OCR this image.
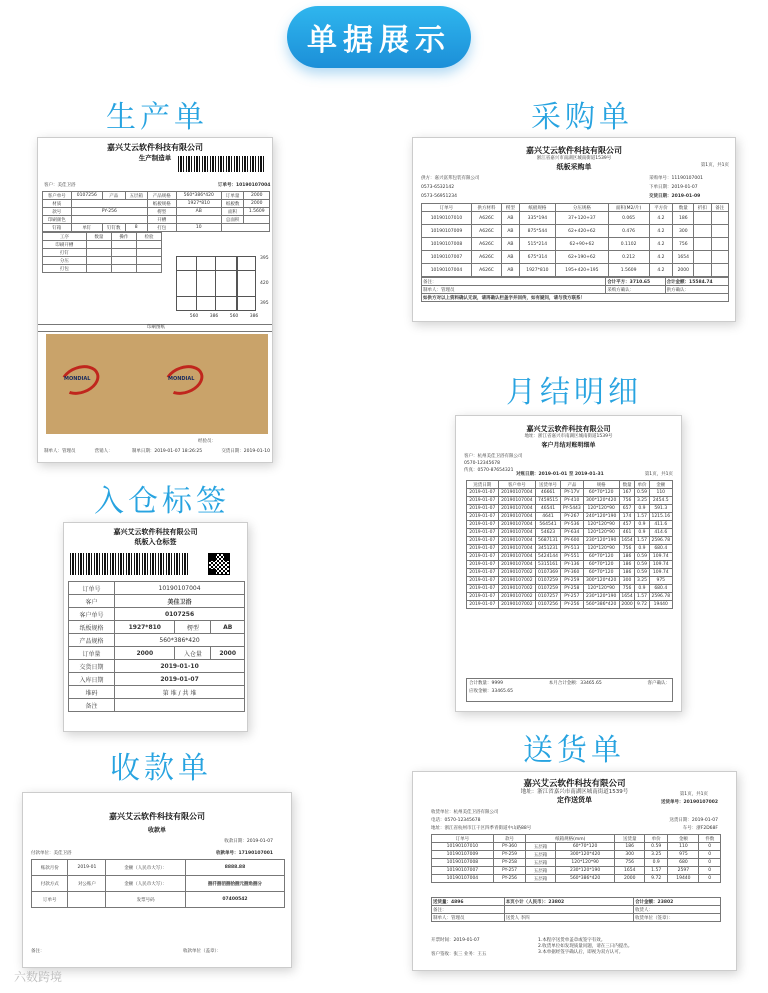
单据展示
生产单	采购单
月结明细
入仓标签
收款单
送货单
嘉兴艾云软件科技有限公司
生产制造单
客户：美佳卫浴	订单号：10190107004
客户单号	0107256	产品	五层箱	产品规格	560*386*420	订单量	2000
材质				纸板规格	1927*810	纸板数	2000
款号	PY-256			楞型	AB	面积	1.5609
印刷颜色				开槽		总面积	
钉箱	单钉	钉钉数	8	打包	10		
工序	数量	操作	检验
印刷开槽			
打钉			
分压			
打包			
395
420
395
560	386	560	386
印刷图纸
MONDIAL	MONDIAL
经验员：
制单人：管理员	营销人：	制单日期：2019-01-07 18:26:25	交货日期：2019-01-10
嘉兴艾云软件科技有限公司
浙江省嘉兴市南湖区城南街道1539号
纸板采购单	第1页，共1页
供方：嘉兴富邦包装有限公司
0573-6532142
0573-56951234
采购单号：11190107001
下单日期：2019-01-07
交货日期：2019-01-09
订单号	供方材料	楞型	纸板规格	分压规格	面积(M2/片)	平方价	数量	折扣	备注
10190107010	A626C	AB	335*194	37+120+37	0.065	4.2	186		
10190107009	A626C	AB	875*544	62+420+62	0.476	4.2	300		
10190107008	A626C	AB	515*214	62+90+62	0.1102	4.2	756		
10190107007	A626C	AB	675*314	62+190+62	0.212	4.2	1654		
10190107004	A626C	AB	1927*810	195+420+195	1.5609	4.2	2000		
备注：	合计平方：3710.65	合计金额：15584.74
制单人：管理员	采购方确认：	供方确认：
如供方对以上资料确认无误，请再确认栏盖字并回传，如有疑问，请与我方联系！		
嘉兴艾云软件科技有限公司
地址：浙江省嘉兴市南湖区城南街道1539号
客户月结对账明细单
客户：杭州美佳卫浴有限公司
0570-12345678
传真：0570-87654321
对账日期：2019-01-01 至 2019-01-31	第1页，共1页
送货日期	客户单号	送货单号	产品	规格	数量	单价	金额
2019-01-07	20190107004	46661	PY-17V	60*70*120	167	0.59	110
2019-01-07	20190107004	7459515	PY-410	300*120*420	756	3.25	2454.5
2019-01-07	20190107004	46541	PY-5443	120*120*90	657	0.9	591.3
2019-01-07	20190107004	4641	PY-267	240*120*190	174	1.57	1215.16
2019-01-07	20190107004	564541	PY-536	120*120*90	457	0.9	411.6
2019-01-07	20190107004	54623	PY-634	120*120*90	461	0.9	414.6
2019-01-07	20190107004	5687131	PY-600	230*120*190	1654	1.57	2596.78
2019-01-07	20190107004	3451231	PY-513	120*120*90	756	0.9	680.4
2019-01-07	20190107004	5424144	PY-551	60*70*120	186	0.59	109.74
2019-01-07	20190107004	5315161	PY-136	60*70*120	186	0.59	109.74
2019-01-07	20190107002	0107369	PY-360	60*70*120	186	0.59	109.74
2019-01-07	20190107002	0107259	PY-259	300*120*420	300	3.25	975
2019-01-07	20190107002	0107259	PY-258	120*120*90	756	0.9	680.4
2019-01-07	20190107002	0107257	PY-257	230*120*190	1654	1.57	2596.78
2019-01-07	20190107002	0107256	PY-256	560*386*420	2000	9.72	19440
合计数量：9999	本月合计金额：33465.65	客户确认：
应收金额：33465.65
嘉兴艾云软件科技有限公司
纸板入仓标签
订单号	10190107004		
客户	美佳卫浴		
客户单号	0107256		
纸板规格	1927*810	楞型	AB
产品规格	560*386*420		
订单量	2000	入仓量	2000
交货日期	2019-01-10		
入库日期	2019-01-07		
堆码	第 堆 / 共 堆		
备注			
嘉兴艾云软件科技有限公司
收款单
收款日期：2019-01-07
付款单位：美佳卫浴	收款单号：17190107001
账款月份	2019-01	金额（人民币大写）：	8888.88
付款方式	对公账户	金额（人民币大写）：	捌仟捌佰捌拾捌元捌角捌分
订单号		发票号码	07400542
备注：	收款单位（盖章）：
嘉兴艾云软件科技有限公司
地址：浙江省嘉兴市南湖区城南街道1539号
定作送货单	送货单号：20190107002
第1页，共1页
收货单位：杭州美佳卫浴有限公司
电话：0570-12345678
地址：浙江省杭州市江干区四季青街道中山路88号
送货日期：2019-01-07
车号：浙F2D68F
订单号	款号	纸箱规格(mm)		送货量	单价	金额	件数
10190107010	PY-360	五层箱	60*70*120	186	0.59	110	0
10190107009	PY-259	五层箱	300*120*420	300	3.25	975	0
10190107008	PY-258	五层箱	120*120*90	756	0.9	680	0
10190107007	PY-257	五层箱	230*120*190	1654	1.57	2597	0
10190107004	PY-256	五层箱	560*386*420	2000	9.72	19440	0
送货量：4896	本页小计（人民币）：23802	合计金额：23802
备注：		收货人：
制单人：管理员	送货人 李四	收货单位（签章）：
开票时间：2019-01-07
客户签收：张三 业务：王五
1.本程序送货单盖章或签字有效。
2.收货单位如发现质量问题，请在三日内提出。
3.本单据经签字确认后，即视为双方认可。
六数跨境
